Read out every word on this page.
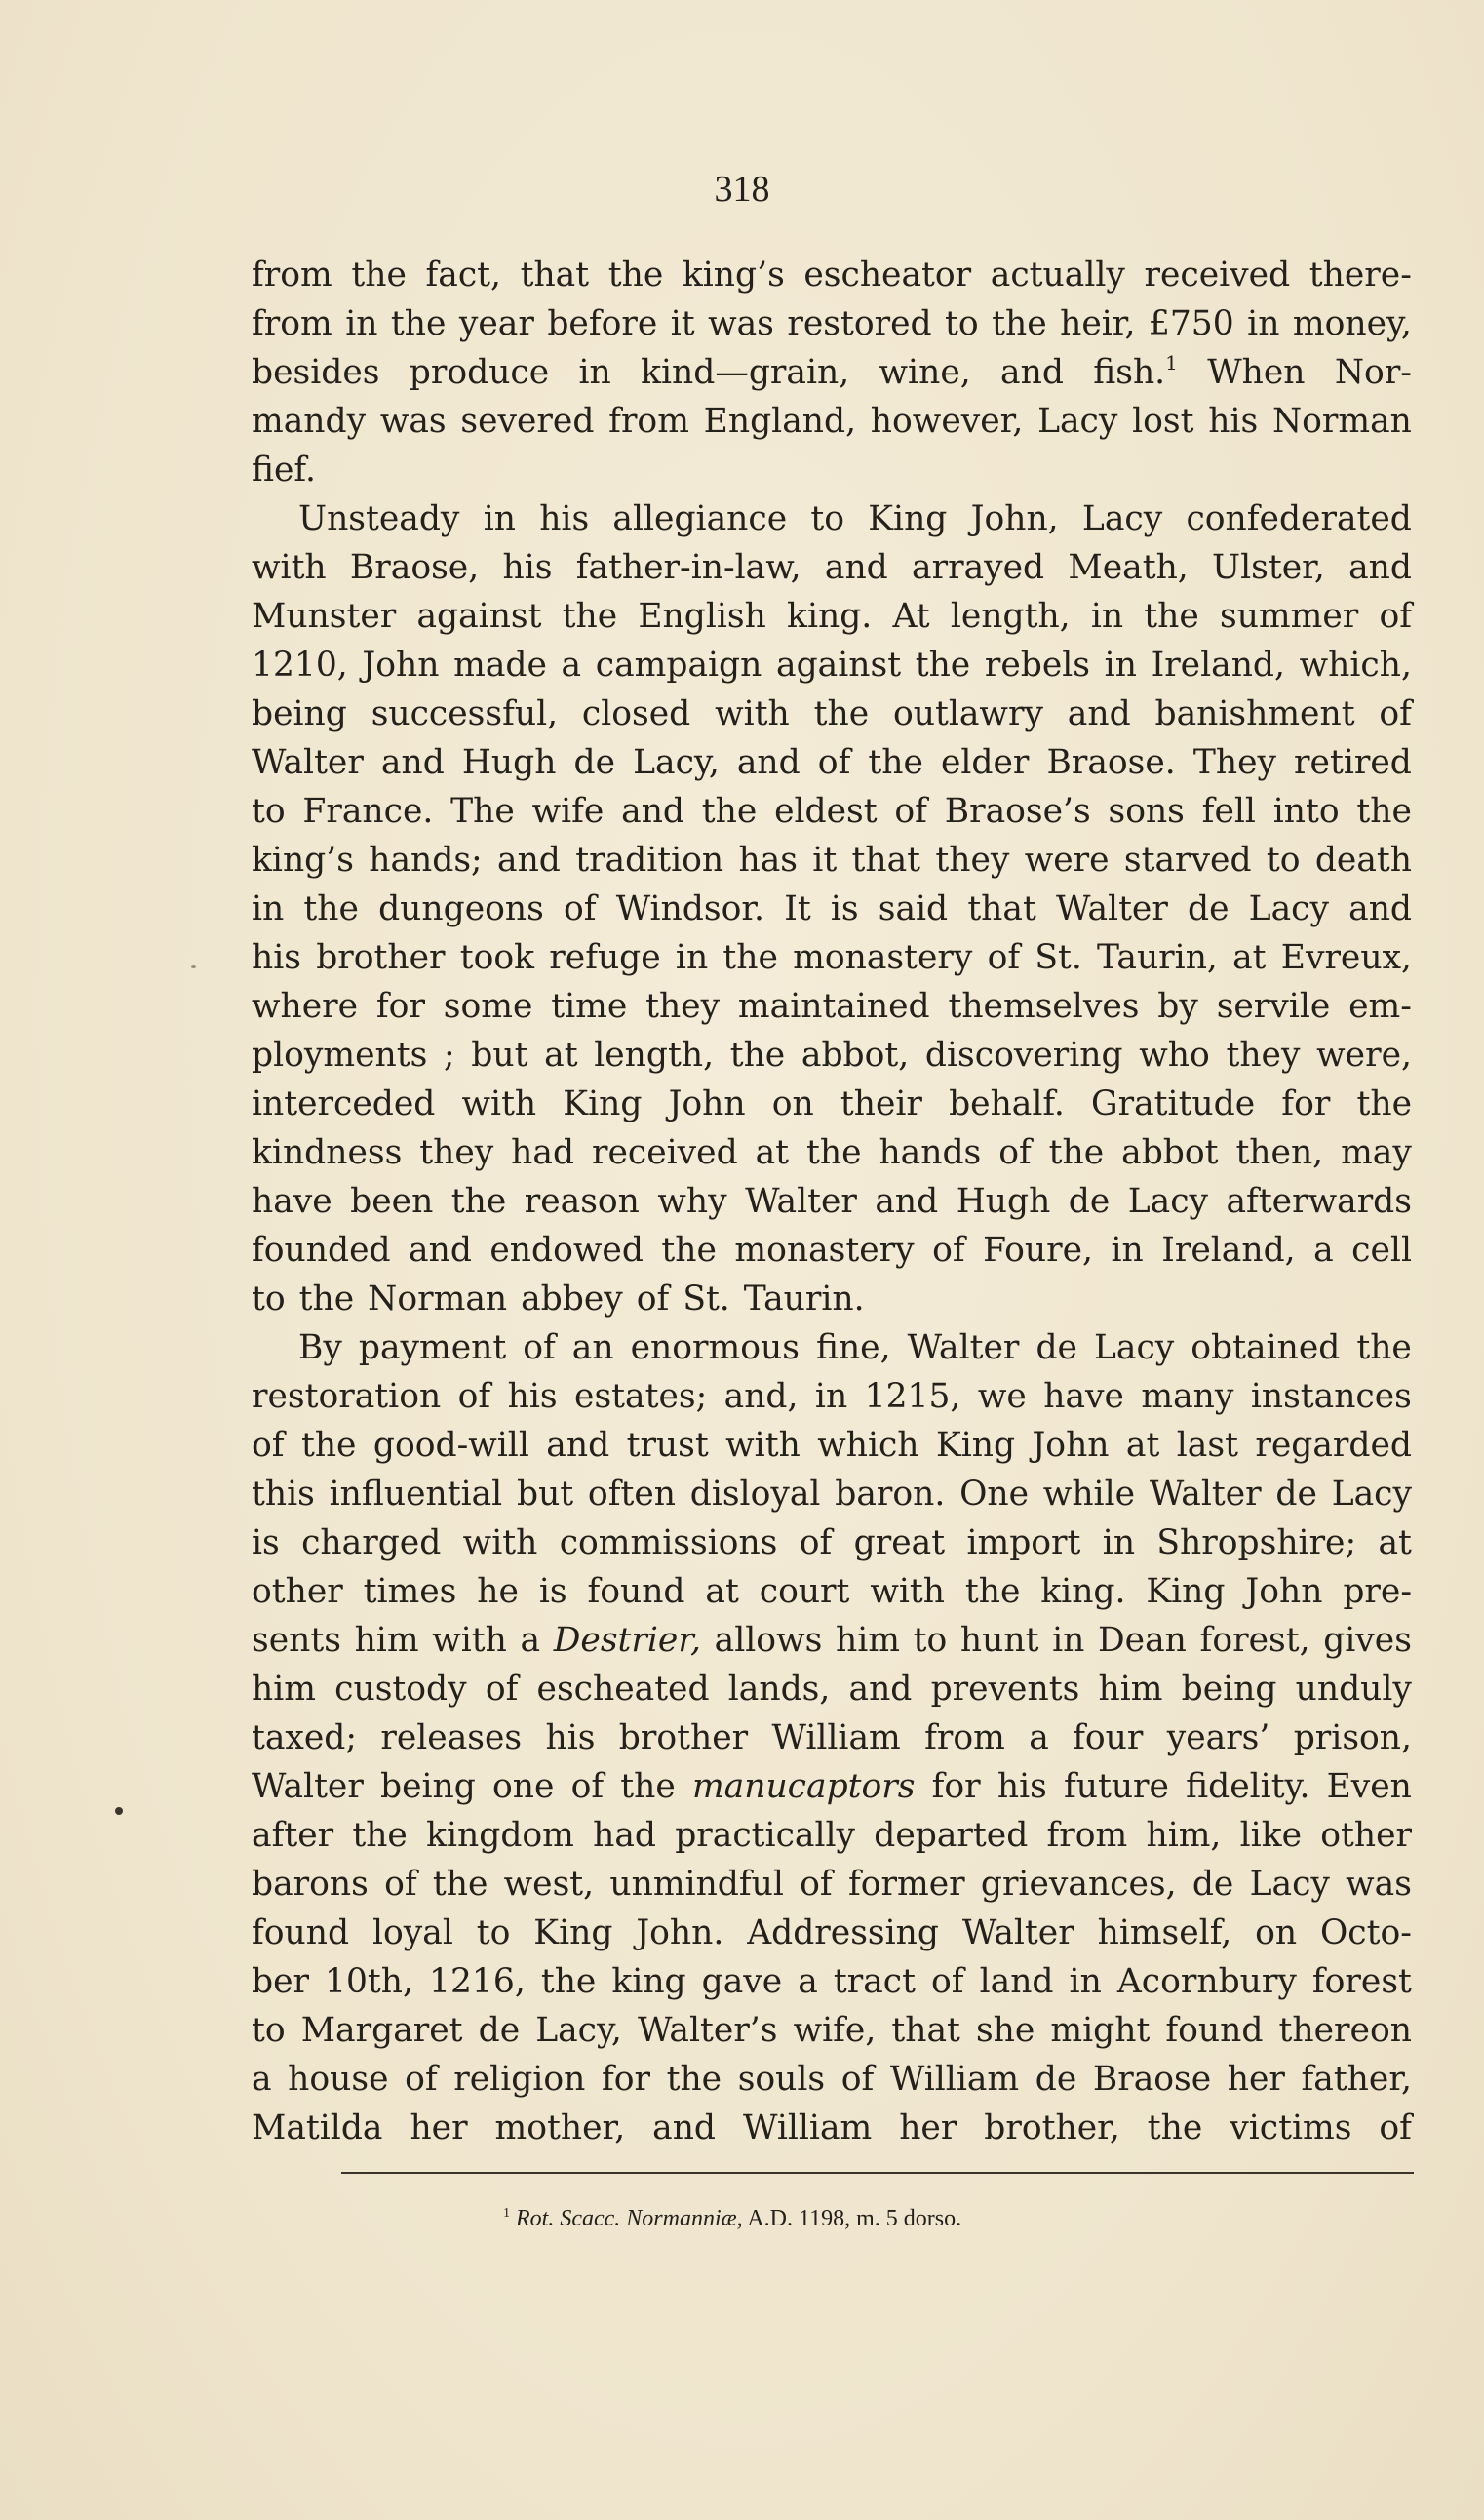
318
from the fact, that the king’s escheator actually received there-
from in the year before it was restored to the heir, £750 in money,
besides produce in kind—grain, wine, and fish.$^1$ When Nor-
mandy was severed from England, however, Lacy lost his Norman
fief.
Unsteady in his allegiance to King John, Lacy confederated
with Braose, his father-in-law, and arrayed Meath, Ulster, and
Munster against the English king. At length, in the summer of
1210, John made a campaign against the rebels in Ireland, which,
being successful, closed with the outlawry and banishment of
Walter and Hugh de Lacy, and of the elder Braose. They retired
to France. The wife and the eldest of Braose’s sons fell into the
king’s hands; and tradition has it that they were starved to death
in the dungeons of Windsor. It is said that Walter de Lacy and
his brother took refuge in the monastery of St. Taurin, at Evreux,
where for some time they maintained themselves by servile em-
ployments ; but at length, the abbot, discovering who they were,
interceded with King John on their behalf. Gratitude for the
kindness they had received at the hands of the abbot then, may
have been the reason why Walter and Hugh de Lacy afterwards
founded and endowed the monastery of Foure, in Ireland, a cell
to the Norman abbey of St. Taurin.
By payment of an enormous fine, Walter de Lacy obtained the
restoration of his estates; and, in 1215, we have many instances
of the good-will and trust with which King John at last regarded
this influential but often disloyal baron. One while Walter de Lacy
is charged with commissions of great import in Shropshire; at
other times he is found at court with the king. King John pre-
sents him with a Destrier, allows him to hunt in Dean forest, gives
him custody of escheated lands, and prevents him being unduly
taxed; releases his brother William from a four years’ prison,
Walter being one of the manucaptors for his future fidelity. Even
after the kingdom had practically departed from him, like other
barons of the west, unmindful of former grievances, de Lacy was
found loyal to King John. Addressing Walter himself, on Octo-
ber 10th, 1216, the king gave a tract of land in Acornbury forest
to Margaret de Lacy, Walter’s wife, that she might found thereon
a house of religion for the souls of William de Braose her father,
Matilda her mother, and William her brother, the victims of
$^1$ Rot. Scacc. Normanniæ, A.D. 1198, m. 5 dorso.
